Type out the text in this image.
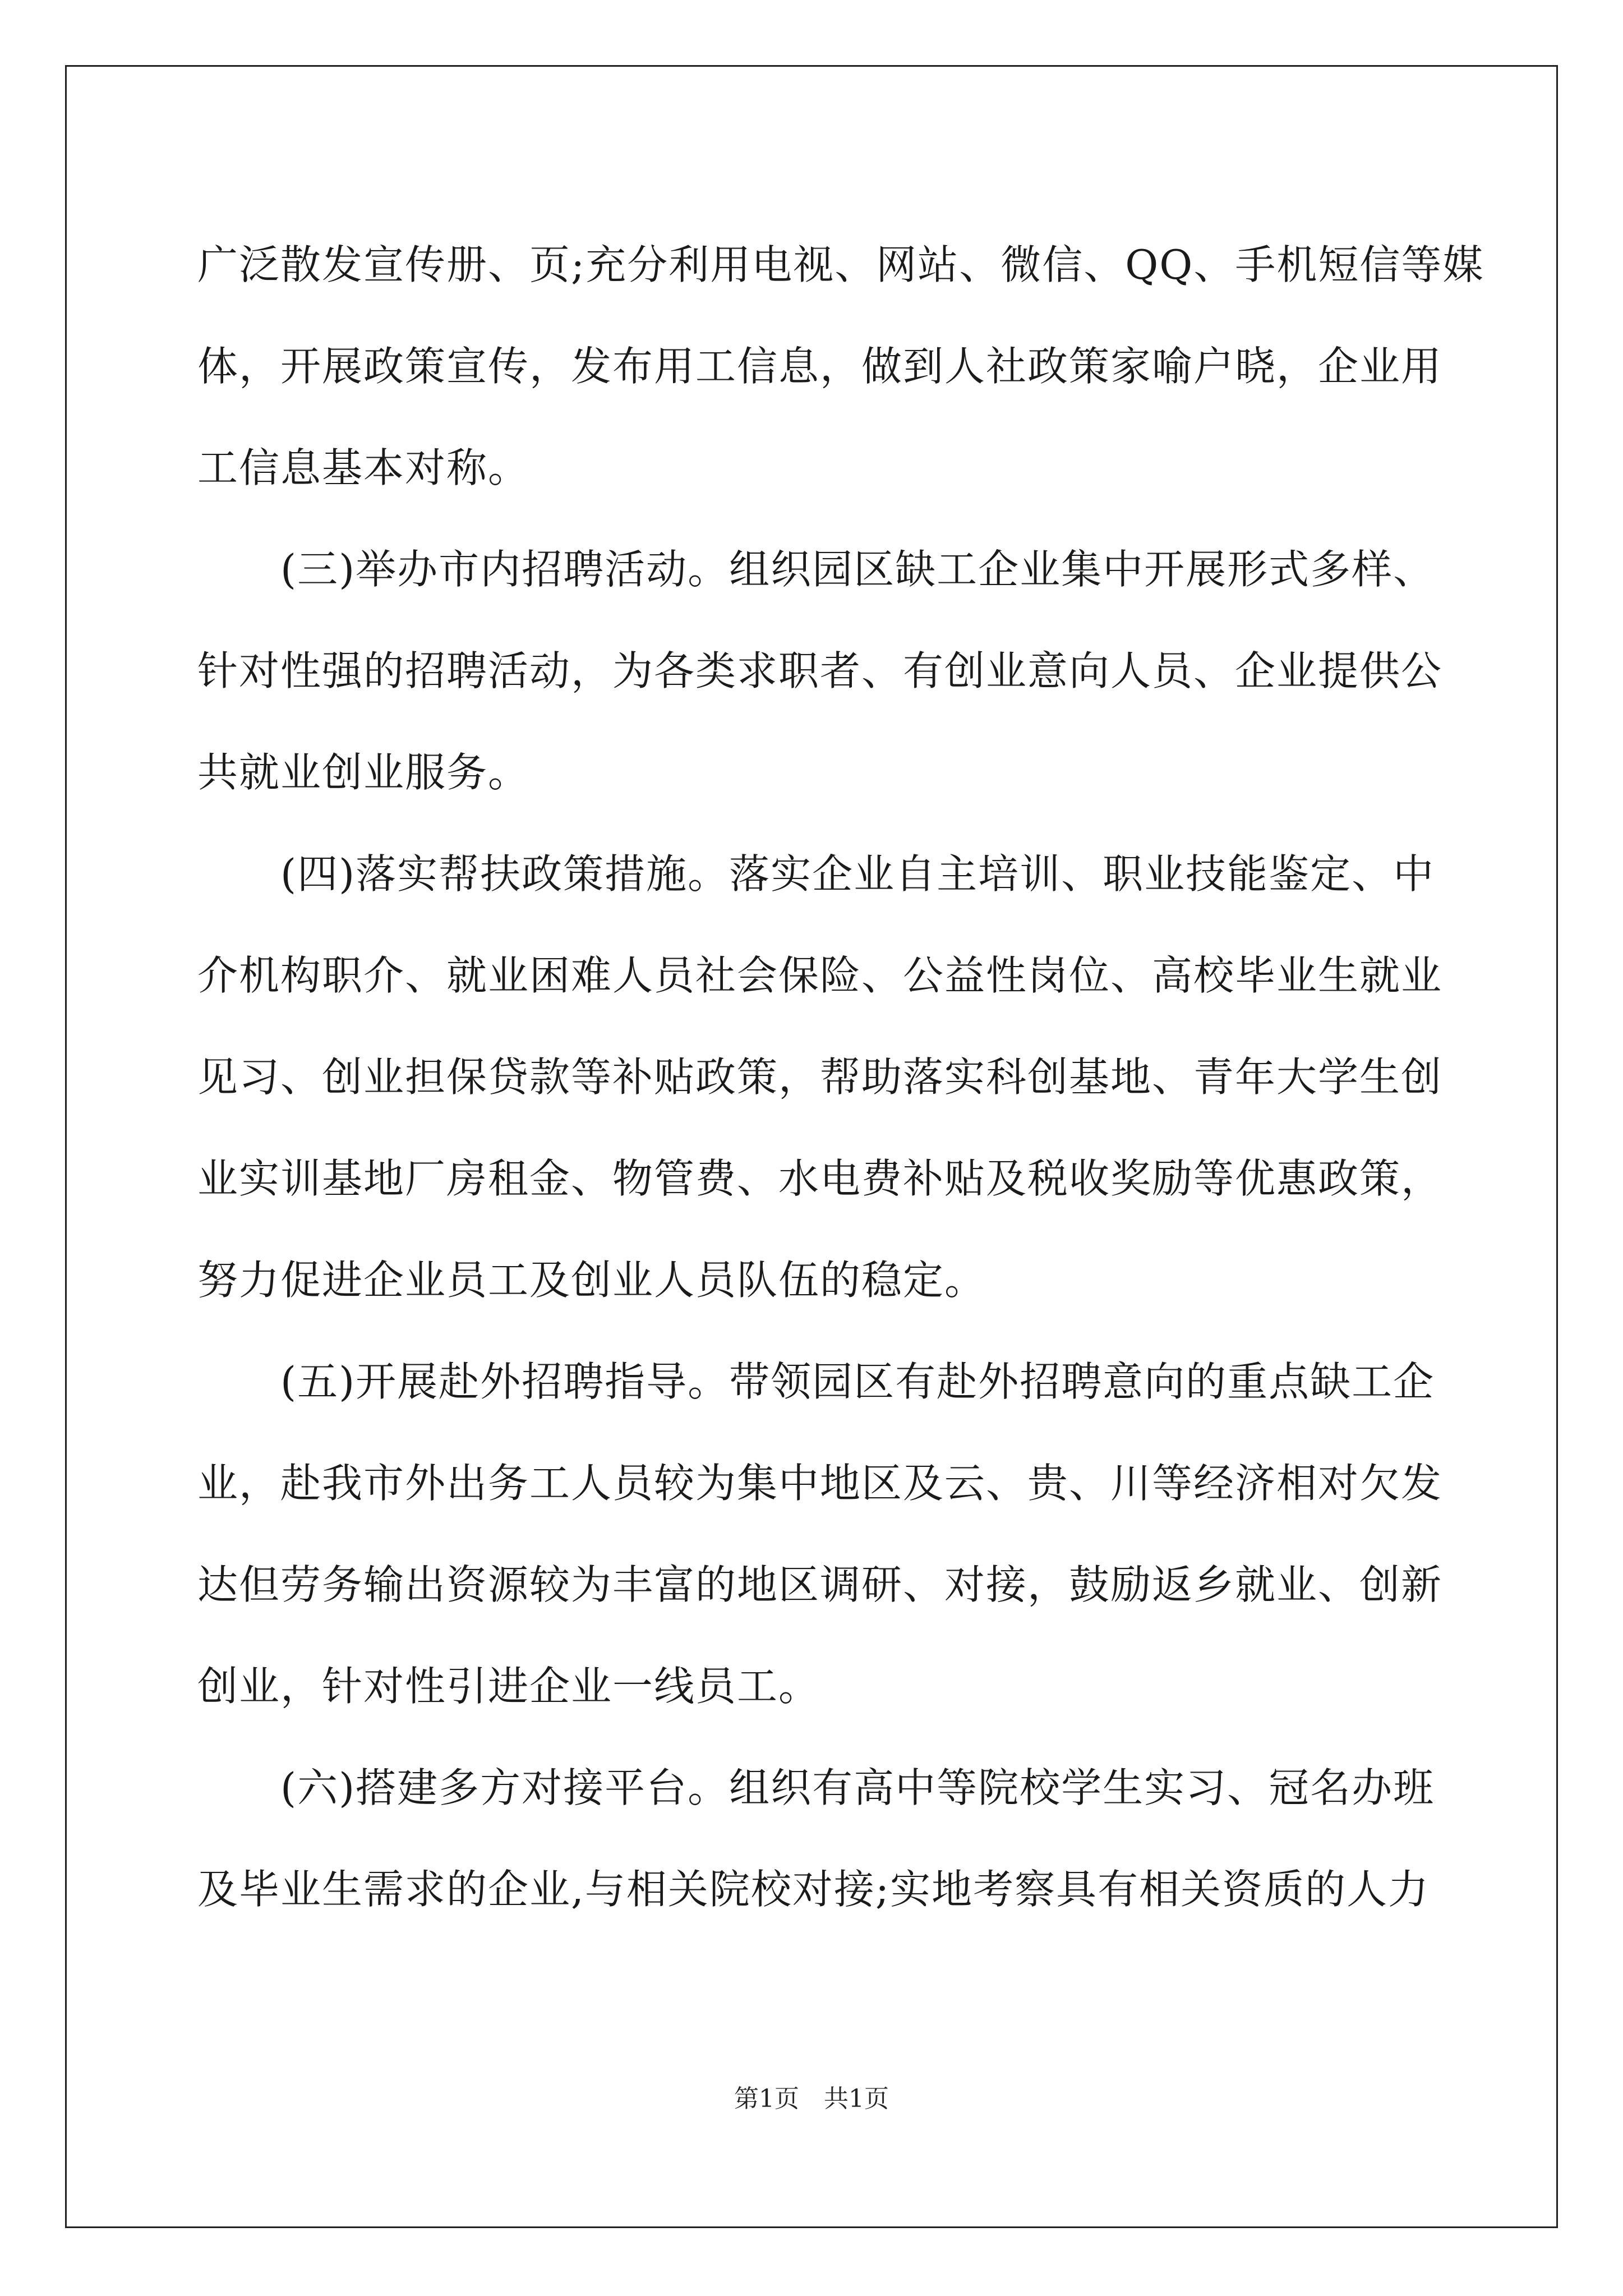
广泛散发宣传册、页;充分利用电视、网站、微信、QQ、手机短信等媒
体，开展政策宣传，发布用工信息，做到人社政策家喻户晓，企业用
工信息基本对称。
　　(三)举办市内招聘活动。组织园区缺工企业集中开展形式多样、
针对性强的招聘活动，为各类求职者、有创业意向人员、企业提供公
共就业创业服务。
　　(四)落实帮扶政策措施。落实企业自主培训、职业技能鉴定、中
介机构职介、就业困难人员社会保险、公益性岗位、高校毕业生就业
见习、创业担保贷款等补贴政策，帮助落实科创基地、青年大学生创
业实训基地厂房租金、物管费、水电费补贴及税收奖励等优惠政策，
努力促进企业员工及创业人员队伍的稳定。
　　(五)开展赴外招聘指导。带领园区有赴外招聘意向的重点缺工企
业，赴我市外出务工人员较为集中地区及云、贵、川等经济相对欠发
达但劳务输出资源较为丰富的地区调研、对接，鼓励返乡就业、创新
创业，针对性引进企业一线员工。
　　(六)搭建多方对接平台。组织有高中等院校学生实习、冠名办班
及毕业生需求的企业,与相关院校对接;实地考察具有相关资质的人力
第1页　共1页
